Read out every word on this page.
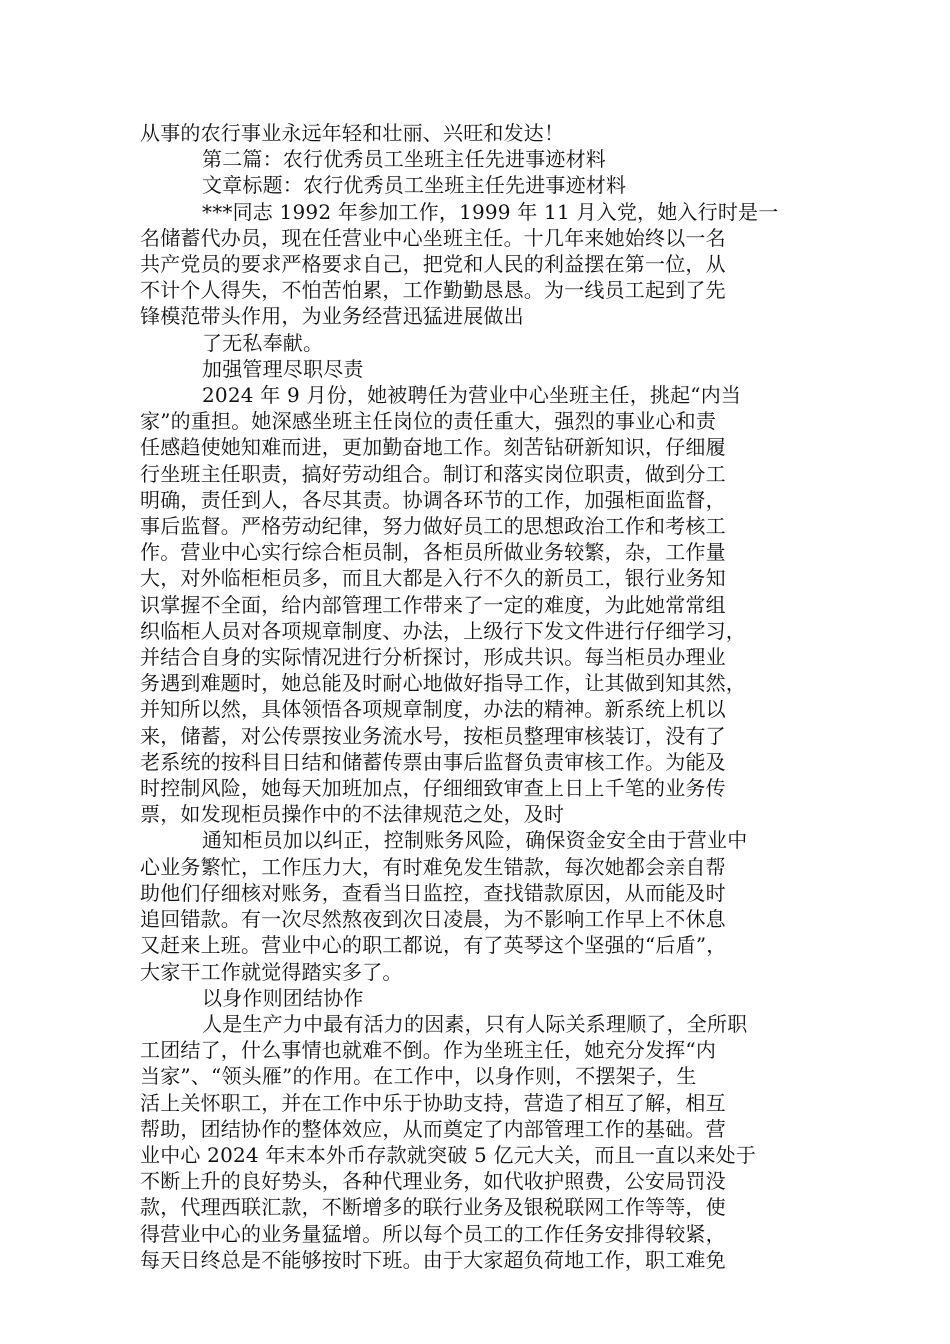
从事的农行事业永远年轻和壮丽、兴旺和发达！
第二篇：农行优秀员工坐班主任先进事迹材料
文章标题：农行优秀员工坐班主任先进事迹材料
***同志 1992 年参加工作，1999 年 11 月入党，她入行时是一
名储蓄代办员，现在任营业中心坐班主任。十几年来她始终以一名
共产党员的要求严格要求自己，把党和人民的利益摆在第一位，从
不计个人得失，不怕苦怕累，工作勤勤恳恳。为一线员工起到了先
锋模范带头作用，为业务经营迅猛进展做出
了无私奉献。
加强管理尽职尽责
2024 年 9 月份，她被聘任为营业中心坐班主任，挑起“内当
家”的重担。她深感坐班主任岗位的责任重大，强烈的事业心和责
任感趋使她知难而进，更加勤奋地工作。刻苦钻研新知识，仔细履
行坐班主任职责，搞好劳动组合。制订和落实岗位职责，做到分工
明确，责任到人，各尽其责。协调各环节的工作，加强柜面监督，
事后监督。严格劳动纪律，努力做好员工的思想政治工作和考核工
作。营业中心实行综合柜员制，各柜员所做业务较繁，杂，工作量
大，对外临柜柜员多，而且大都是入行不久的新员工，银行业务知
识掌握不全面，给内部管理工作带来了一定的难度，为此她常常组
织临柜人员对各项规章制度、办法，上级行下发文件进行仔细学习，
并结合自身的实际情况进行分析探讨，形成共识。每当柜员办理业
务遇到难题时，她总能及时耐心地做好指导工作，让其做到知其然，
并知所以然，具体领悟各项规章制度，办法的精神。新系统上机以
来，储蓄，对公传票按业务流水号，按柜员整理审核装订，没有了
老系统的按科目日结和储蓄传票由事后监督负责审核工作。为能及
时控制风险，她每天加班加点，仔细细致审查上日上千笔的业务传
票，如发现柜员操作中的不法律规范之处，及时
通知柜员加以纠正，控制账务风险，确保资金安全由于营业中
心业务繁忙，工作压力大，有时难免发生错款，每次她都会亲自帮
助他们仔细核对账务，查看当日监控，查找错款原因，从而能及时
追回错款。有一次尽然熬夜到次日凌晨，为不影响工作早上不休息
又赶来上班。营业中心的职工都说，有了英琴这个坚强的“后盾”，
大家干工作就觉得踏实多了。
以身作则团结协作
人是生产力中最有活力的因素，只有人际关系理顺了，全所职
工团结了，什么事情也就难不倒。作为坐班主任，她充分发挥“内
当家”、“领头雁”的作用。在工作中，以身作则，不摆架子，生
活上关怀职工，并在工作中乐于协助支持，营造了相互了解，相互
帮助，团结协作的整体效应，从而奠定了内部管理工作的基础。营
业中心 2024 年末本外币存款就突破 5 亿元大关，而且一直以来处于
不断上升的良好势头，各种代理业务，如代收护照费，公安局罚没
款，代理西联汇款，不断增多的联行业务及银税联网工作等等，使
得营业中心的业务量猛增。所以每个员工的工作任务安排得较紧，
每天日终总是不能够按时下班。由于大家超负荷地工作，职工难免
